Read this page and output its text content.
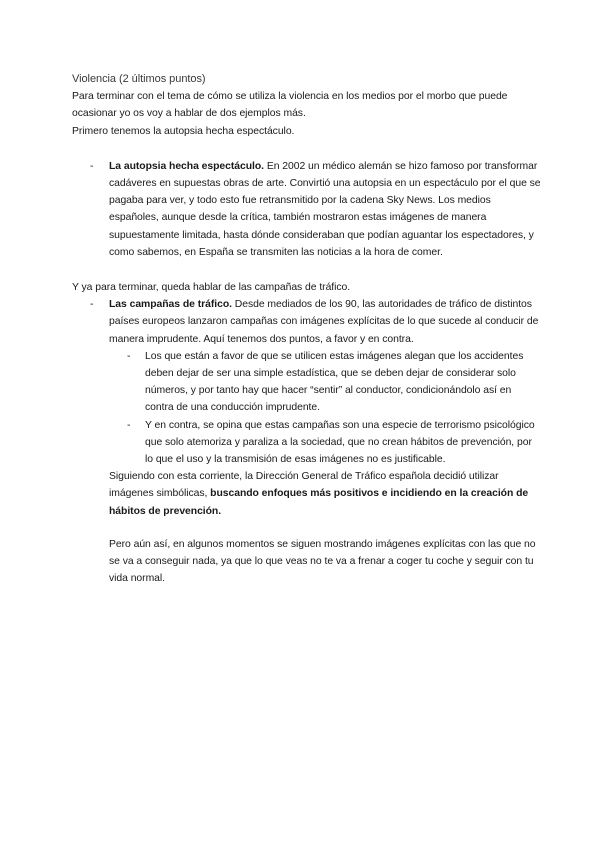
Violencia (2 últimos puntos)

Para terminar con el tema de cómo se utiliza la violencia en los medios por el morbo que puede ocasionar yo os voy a hablar de dos ejemplos más.

Primero tenemos la autopsia hecha espectáculo.

- La autopsia hecha espectáculo. En 2002 un médico alemán se hizo famoso por transformar cadáveres en supuestas obras de arte. Convirtió una autopsia en un espectáculo por el que se pagaba para ver, y todo esto fue retransmitido por la cadena Sky News. Los medios españoles, aunque desde la crítica, también mostraron estas imágenes de manera supuestamente limitada, hasta dónde consideraban que podían aguantar los espectadores, y como sabemos, en España se transmiten las noticias a la hora de comer.

Y ya para terminar, queda hablar de las campañas de tráfico.

- Las campañas de tráfico. Desde mediados de los 90, las autoridades de tráfico de distintos países europeos lanzaron campañas con imágenes explícitas de lo que sucede al conducir de manera imprudente. Aquí tenemos dos puntos, a favor y en contra.

- Los que están a favor de que se utilicen estas imágenes alegan que los accidentes deben dejar de ser una simple estadística, que se deben dejar de considerar solo números, y por tanto hay que hacer “sentir” al conductor, condicionándolo así en contra de una conducción imprudente.

- Y en contra, se opina que estas campañas son una especie de terrorismo psicológico que solo atemoriza y paraliza a la sociedad, que no crean hábitos de prevención, por lo que el uso y la transmisión de esas imágenes no es justificable.

Siguiendo con esta corriente, la Dirección General de Tráfico española decidió utilizar imágenes simbólicas, buscando enfoques más positivos e incidiendo en la creación de hábitos de prevención.

Pero aún así, en algunos momentos se siguen mostrando imágenes explícitas con las que no se va a conseguir nada, ya que lo que veas no te va a frenar a coger tu coche y seguir con tu vida normal.
